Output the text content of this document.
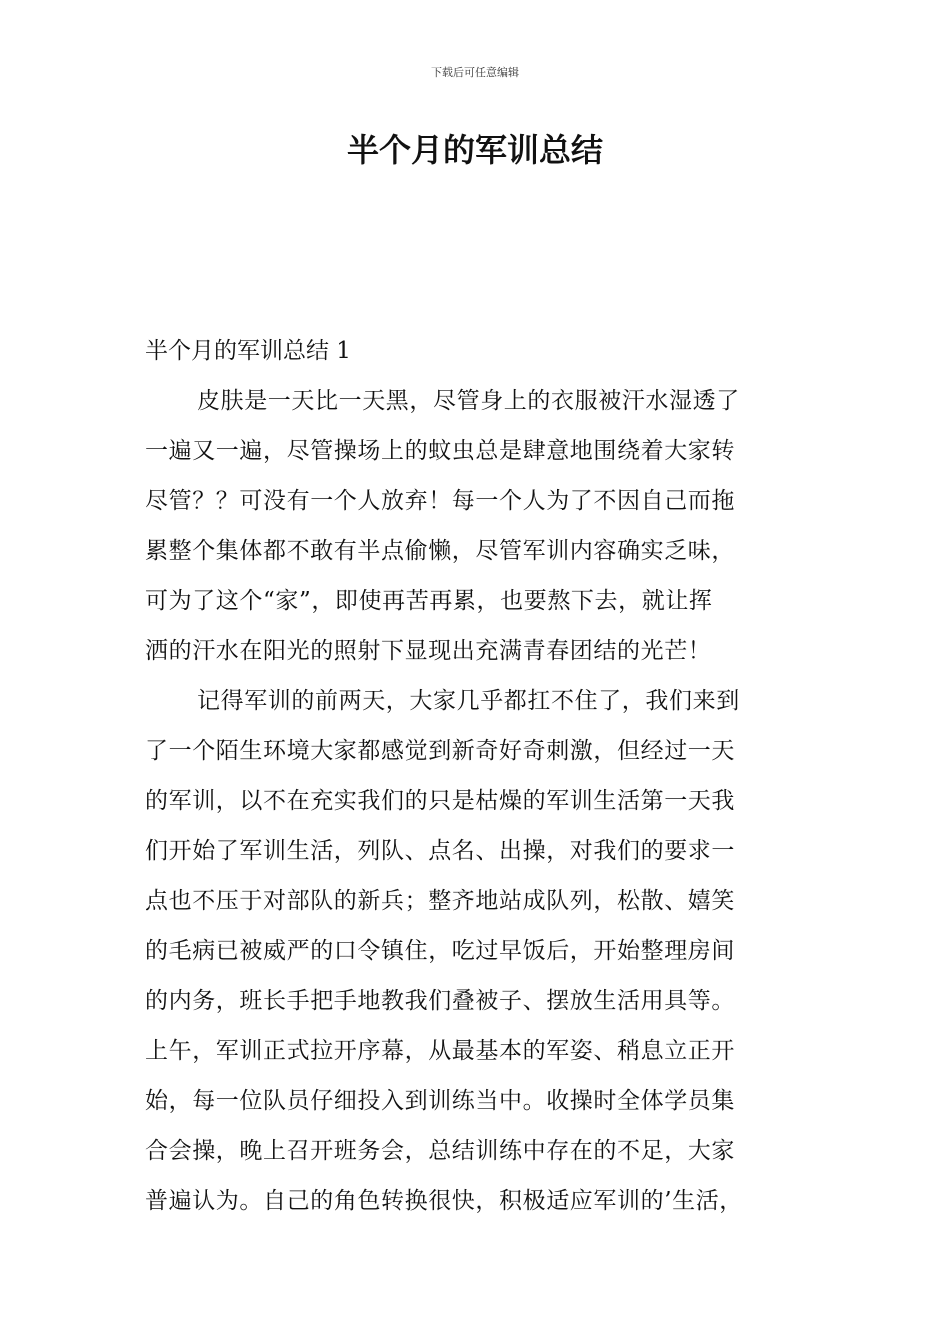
下载后可任意编辑
半个月的军训总结

半个月的军训总结 1

皮肤是一天比一天黑，尽管身上的衣服被汗水湿透了
一遍又一遍，尽管操场上的蚊虫总是肆意地围绕着大家转
尽管？？可没有一个人放弃！每一个人为了不因自己而拖
累整个集体都不敢有半点偷懒，尽管军训内容确实乏味，
可为了这个“家”，即使再苦再累，也要熬下去，就让挥
洒的汗水在阳光的照射下显现出充满青春团结的光芒！

记得军训的前两天，大家几乎都扛不住了，我们来到
了一个陌生环境大家都感觉到新奇好奇刺激，但经过一天
的军训，以不在充实我们的只是枯燥的军训生活第一天我
们开始了军训生活，列队、点名、出操，对我们的要求一
点也不压于对部队的新兵；整齐地站成队列，松散、嬉笑
的毛病已被威严的口令镇住，吃过早饭后，开始整理房间
的内务，班长手把手地教我们叠被子、摆放生活用具等。
上午，军训正式拉开序幕，从最基本的军姿、稍息立正开
始，每一位队员仔细投入到训练当中。收操时全体学员集
合会操，晚上召开班务会，总结训练中存在的不足，大家
普遍认为。自己的角色转换很快，积极适应军训的’生活，
